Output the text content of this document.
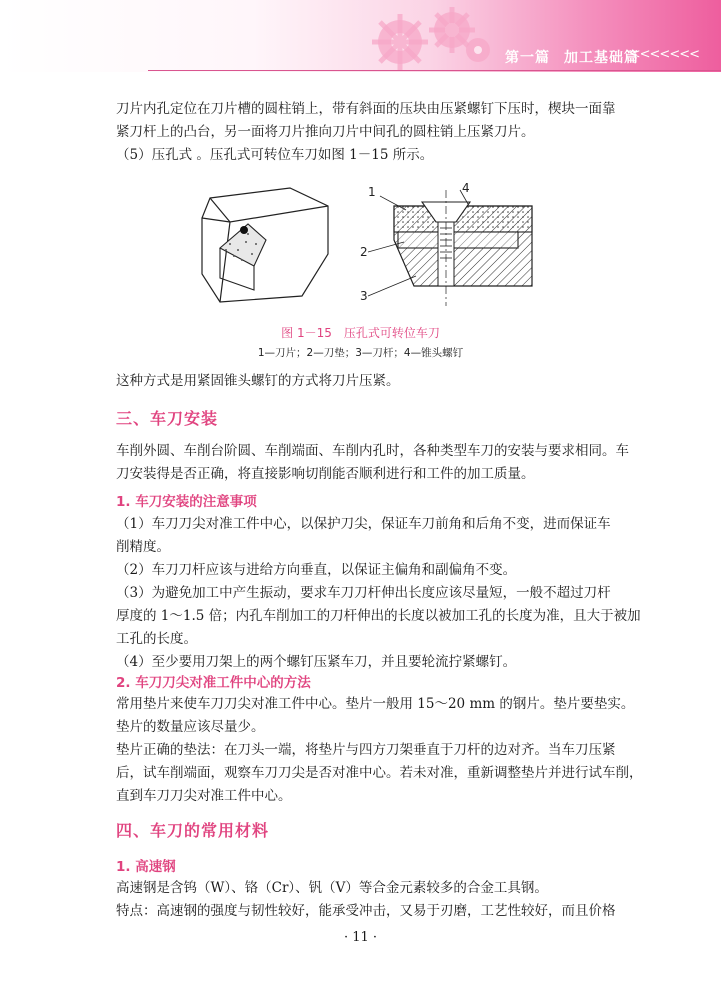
第一篇 加工基础篇
<<<<<<<

刀片内孔定位在刀片槽的圆柱销上，带有斜面的压块由压紧螺钉下压时，楔块一面靠

紧刀杆上的凸台，另一面将刀片推向刀片中间孔的圆柱销上压紧刀片。

（5）压孔式 。压孔式可转位车刀如图 1－15 所示。

1	4
2
3
图 1－15　压孔式可转位车刀
1—刀片；2—刀垫；3—刀杆；4—锥头螺钉

这种方式是用紧固锥头螺钉的方式将刀片压紧。

三、车刀安装

车削外圆、车削台阶圆、车削端面、车削内孔时，各种类型车刀的安装与要求相同。车

刀安装得是否正确，将直接影响切削能否顺利进行和工件的加工质量。

1. 车刀安装的注意事项

（1）车刀刀尖对准工件中心，以保护刀尖，保证车刀前角和后角不变，进而保证车

削精度。

（2）车刀刀杆应该与进给方向垂直，以保证主偏角和副偏角不变。

（3）为避免加工中产生振动，要求车刀刀杆伸出长度应该尽量短，一般不超过刀杆

厚度的 1～1.5 倍；内孔车削加工的刀杆伸出的长度以被加工孔的长度为准，且大于被加

工孔的长度。

（4）至少要用刀架上的两个螺钉压紧车刀，并且要轮流拧紧螺钉。

2. 车刀刀尖对准工件中心的方法

常用垫片来使车刀刀尖对准工件中心。垫片一般用 15～20 mm 的钢片。垫片要垫实。

垫片的数量应该尽量少。

垫片正确的垫法：在刀头一端，将垫片与四方刀架垂直于刀杆的边对齐。当车刀压紧

后，试车削端面，观察车刀刀尖是否对准中心。若未对准，重新调整垫片并进行试车削，

直到车刀刀尖对准工件中心。

四、车刀的常用材料
1. 高速钢

高速钢是含钨（W）、铬（Cr）、钒（V）等合金元素较多的合金工具钢。

特点：高速钢的强度与韧性较好，能承受冲击，又易于刃磨，工艺性较好，而且价格

· 11 ·
